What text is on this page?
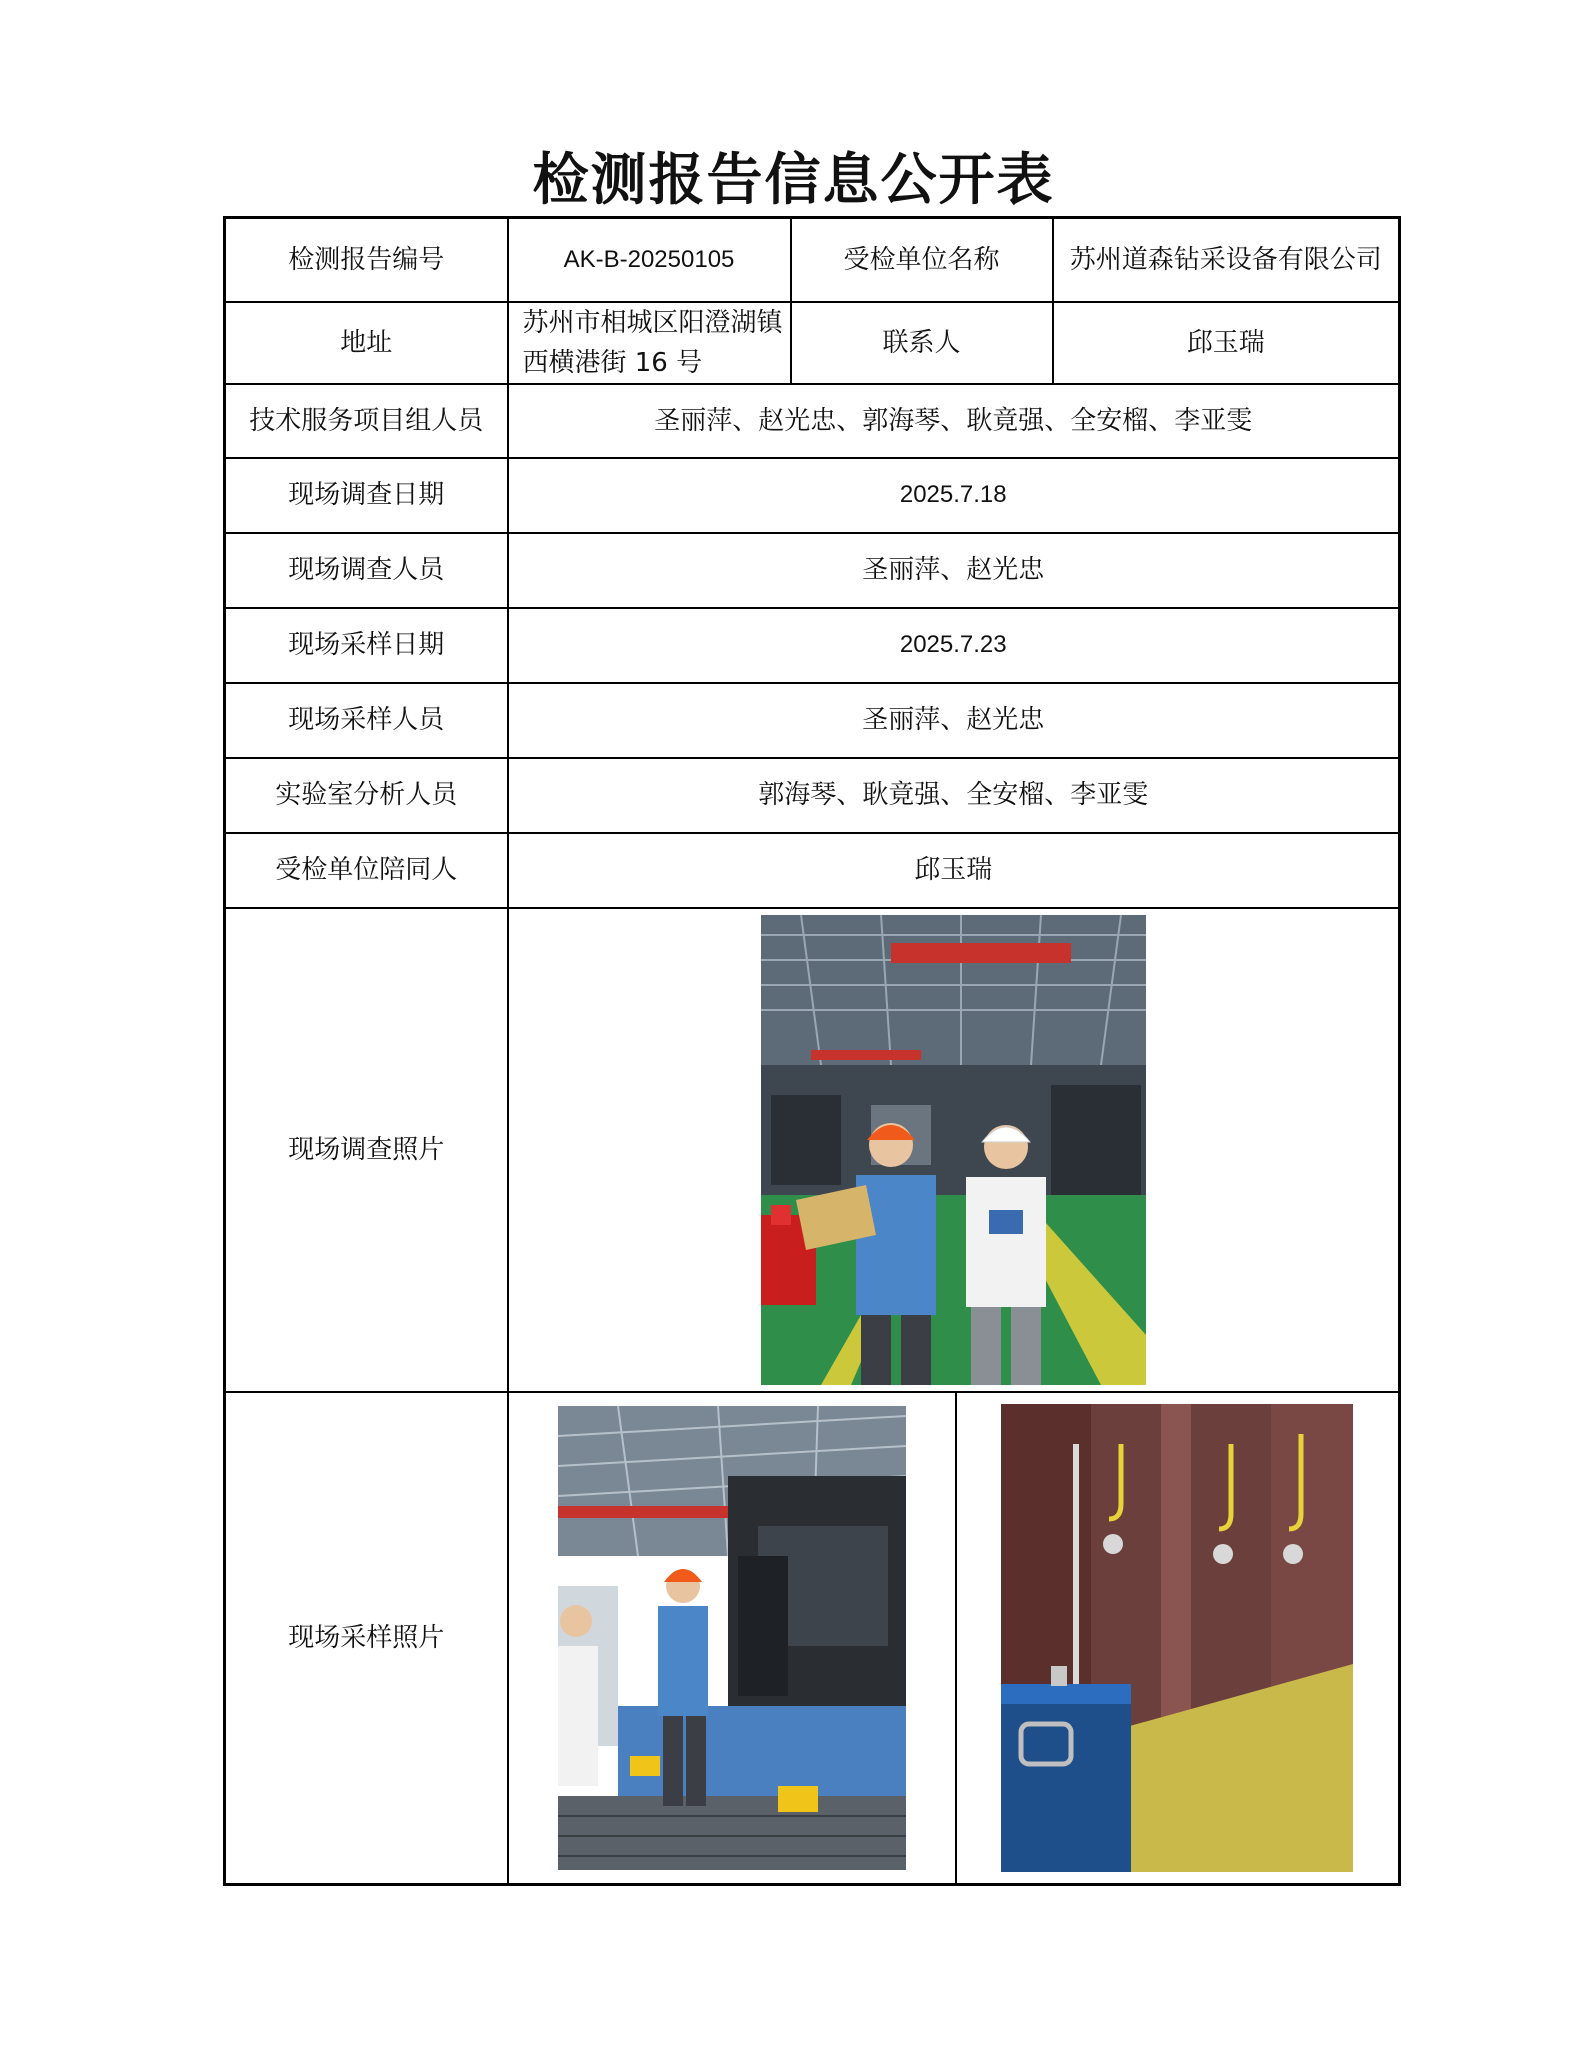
检测报告信息公开表
检测报告编号	AK-B-20250105	受检单位名称	苏州道森钻采设备有限公司
地址	苏州市相城区阳澄湖镇西横港街 16 号	联系人	邱玉瑞
技术服务项目组人员	圣丽萍、赵光忠、郭海琴、耿竟强、全安榴、李亚雯		
现场调查日期	2025.7.18		
现场调查人员	圣丽萍、赵光忠		
现场采样日期	2025.7.23		
现场采样人员	圣丽萍、赵光忠		
实验室分析人员	郭海琴、耿竟强、全安榴、李亚雯		
受检单位陪同人	邱玉瑞		
现场调查照片	

现场采样照片	
